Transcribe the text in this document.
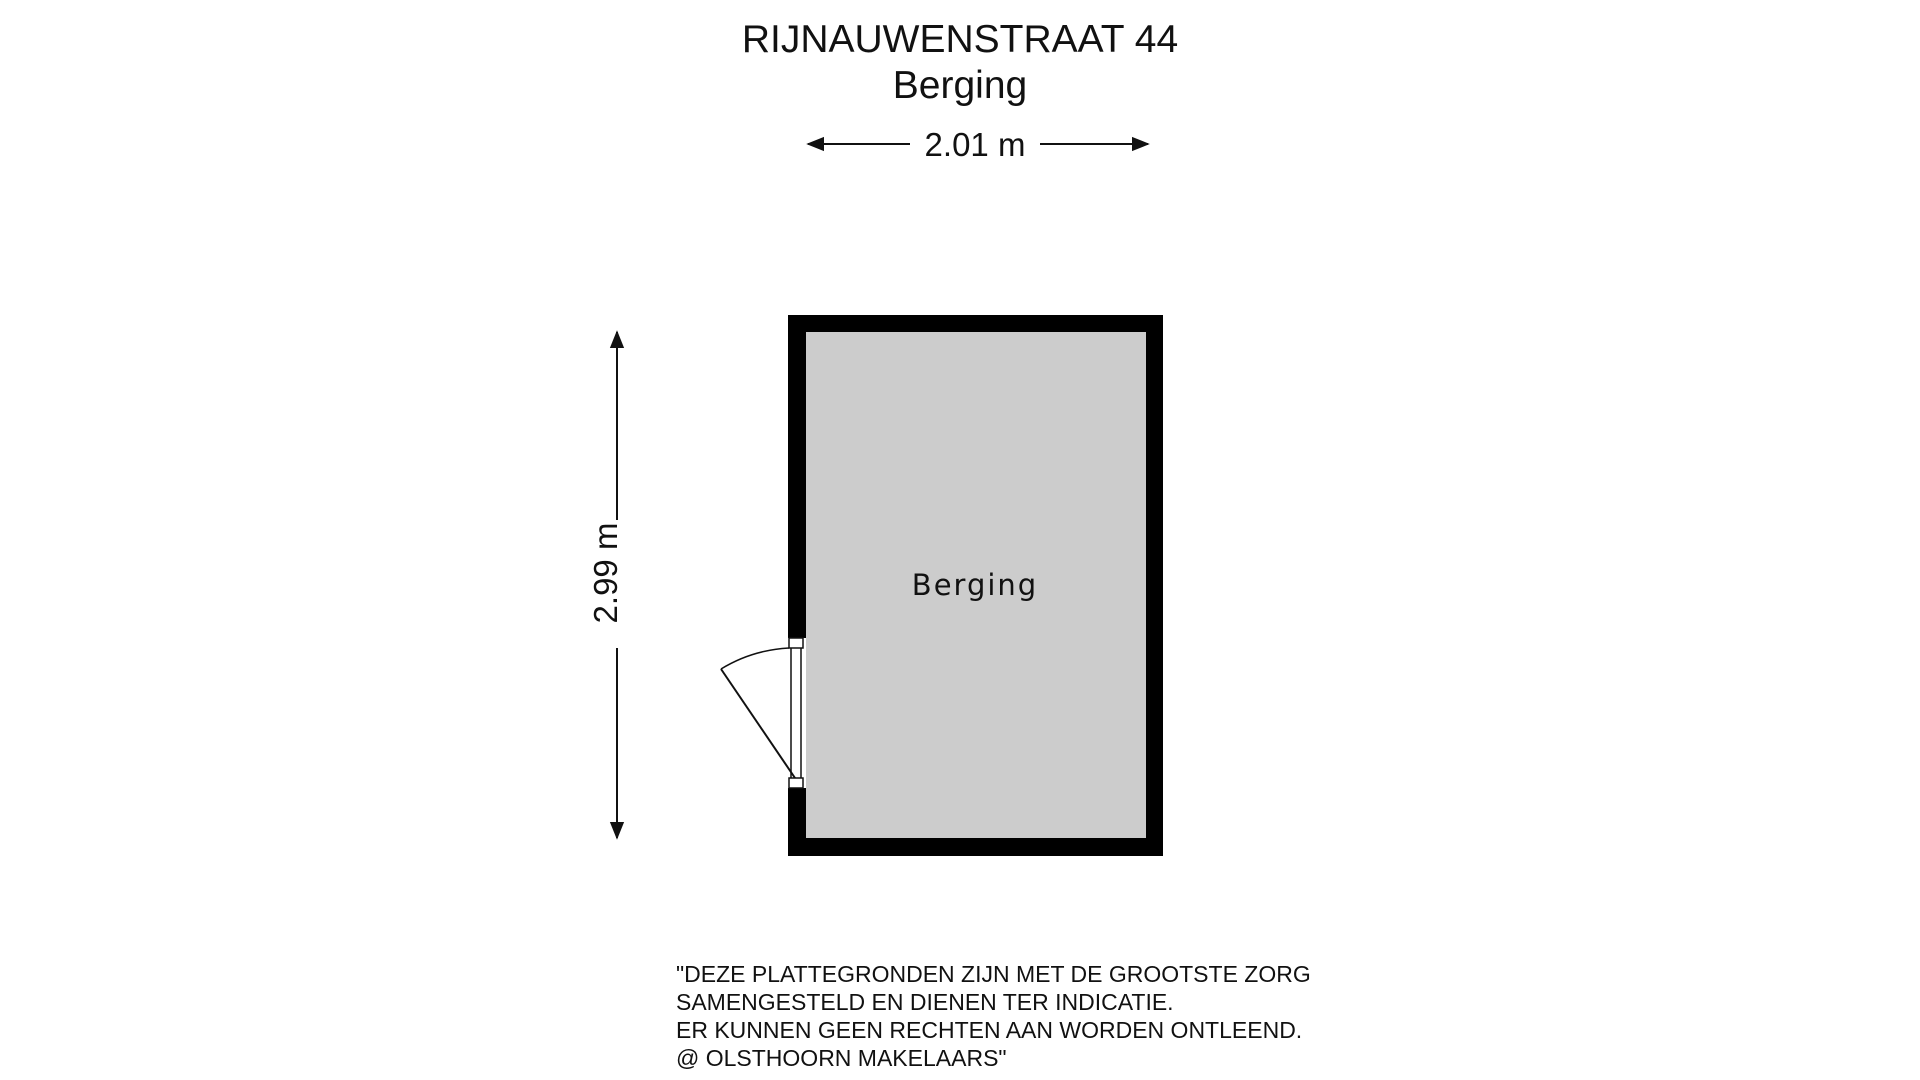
RIJNAUWENSTRAAT 44
Berging
2.01 m
2.99 m	Berging
"DEZE PLATTEGRONDEN ZIJN MET DE GROOTSTE ZORG
SAMENGESTELD EN DIENEN TER INDICATIE.
ER KUNNEN GEEN RECHTEN AAN WORDEN ONTLEEND.
@ OLSTHOORN MAKELAARS"
